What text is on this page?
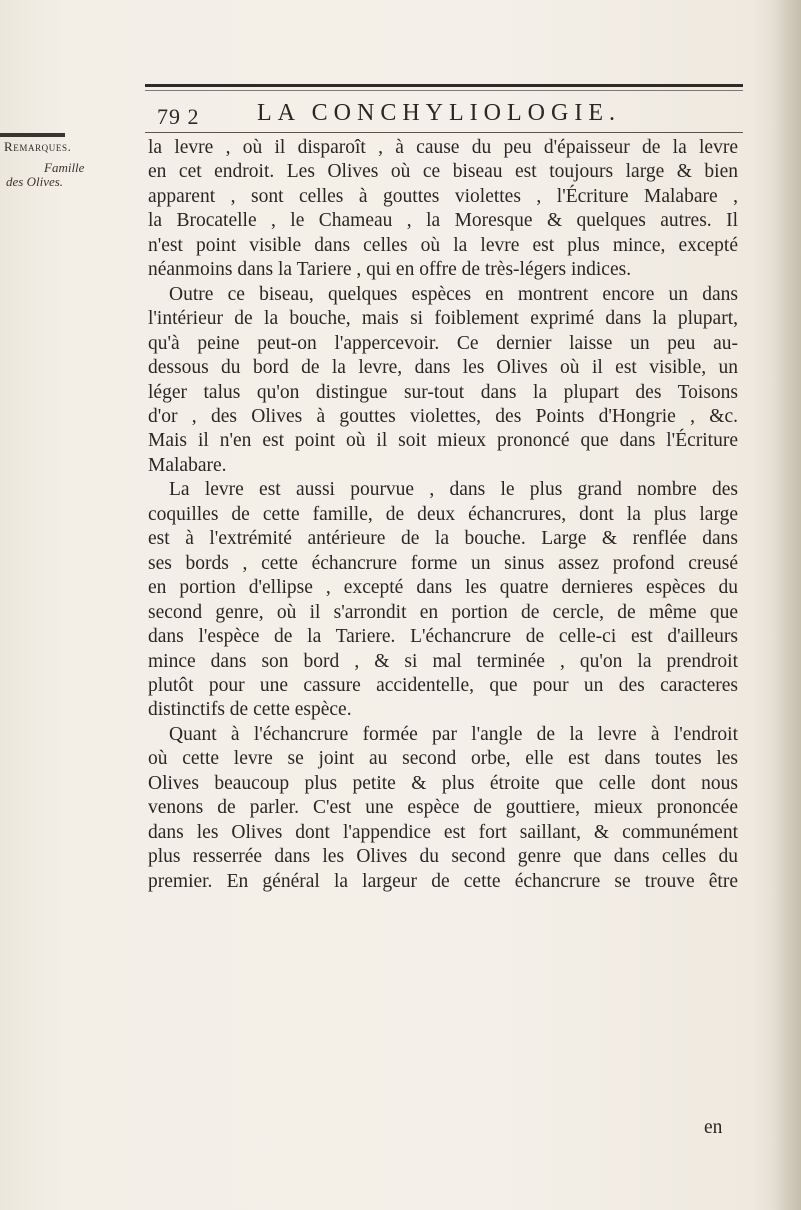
79 2 LA CONCHYLIOLOGIE.

Remarques.

Famille
des Olives.

la levre , où il disparoît , à cause du peu d'épaisseur de la levre
en cet endroit. Les Olives où ce biseau est toujours large & bien
apparent , sont celles à gouttes violettes , l'Écriture Malabare ,
la Brocatelle , le Chameau , la Moresque & quelques autres. Il
n'est point visible dans celles où la levre est plus mince, excepté
néanmoins dans la Tariere , qui en offre de très-légers indices.

Outre ce biseau, quelques espèces en montrent encore un dans
l'intérieur de la bouche, mais si foiblement exprimé dans la plupart,
qu'à peine peut-on l'appercevoir. Ce dernier laisse un peu au-
dessous du bord de la levre, dans les Olives où il est visible, un
léger talus qu'on distingue sur-tout dans la plupart des Toisons
d'or , des Olives à gouttes violettes, des Points d'Hongrie , &c.
Mais il n'en est point où il soit mieux prononcé que dans l'Écriture
Malabare.

La levre est aussi pourvue , dans le plus grand nombre des
coquilles de cette famille, de deux échancrures, dont la plus large
est à l'extrémité antérieure de la bouche. Large & renflée dans
ses bords , cette échancrure forme un sinus assez profond creusé
en portion d'ellipse , excepté dans les quatre dernieres espèces du
second genre, où il s'arrondit en portion de cercle, de même que
dans l'espèce de la Tariere. L'échancrure de celle-ci est d'ailleurs
mince dans son bord , & si mal terminée , qu'on la prendroit
plutôt pour une cassure accidentelle, que pour un des caracteres
distinctifs de cette espèce.

Quant à l'échancrure formée par l'angle de la levre à l'endroit
où cette levre se joint au second orbe, elle est dans toutes les
Olives beaucoup plus petite & plus étroite que celle dont nous
venons de parler. C'est une espèce de gouttiere, mieux prononcée
dans les Olives dont l'appendice est fort saillant, & communément
plus resserrée dans les Olives du second genre que dans celles du
premier. En général la largeur de cette échancrure se trouve être

en
